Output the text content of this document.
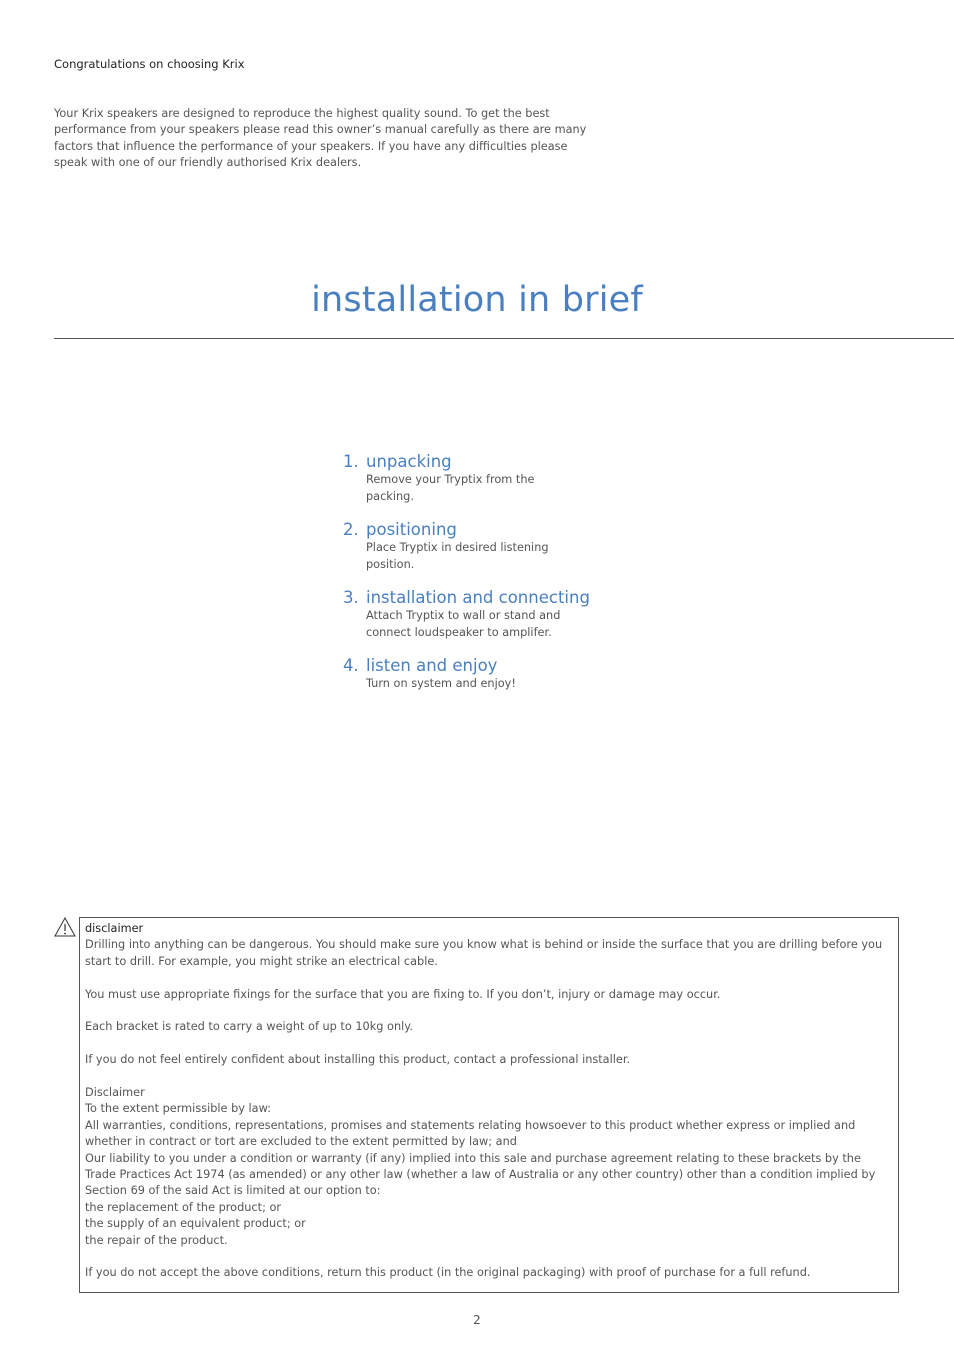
Congratulations on choosing Krix
Your Krix speakers are designed to reproduce the highest quality sound. To get the best performance from your speakers please read this owner’s manual carefully as there are many factors that influence the performance of your speakers. If you have any difficulties please speak with one of our friendly authorised Krix dealers.
installation in brief
1. unpacking
Remove your Tryptix from the packing.
2. positioning
Place Tryptix in desired listening position.
3. installation and connecting
Attach Tryptix to wall or stand and connect loudspeaker to amplifer.
4. listen and enjoy
Turn on system and enjoy!
disclaimer

Drilling into anything can be dangerous. You should make sure you know what is behind or inside the surface that you are drilling before you start to drill. For example, you might strike an electrical cable.

You must use appropriate fixings for the surface that you are fixing to. If you don’t, injury or damage may occur.

Each bracket is rated to carry a weight of up to 10kg only.

If you do not feel entirely confident about installing this product, contact a professional installer.

Disclaimer
To the extent permissible by law:
All warranties, conditions, representations, promises and statements relating howsoever to this product whether express or implied and whether in contract or tort are excluded to the extent permitted by law; and
Our liability to you under a condition or warranty (if any) implied into this sale and purchase agreement relating to these brackets by the Trade Practices Act 1974 (as amended) or any other law (whether a law of Australia or any other country) other than a condition implied by Section 69 of the said Act is limited at our option to:
the replacement of the product; or
the supply of an equivalent product; or
the repair of the product.

If you do not accept the above conditions, return this product (in the original packaging) with proof of purchase for a full refund.

2
